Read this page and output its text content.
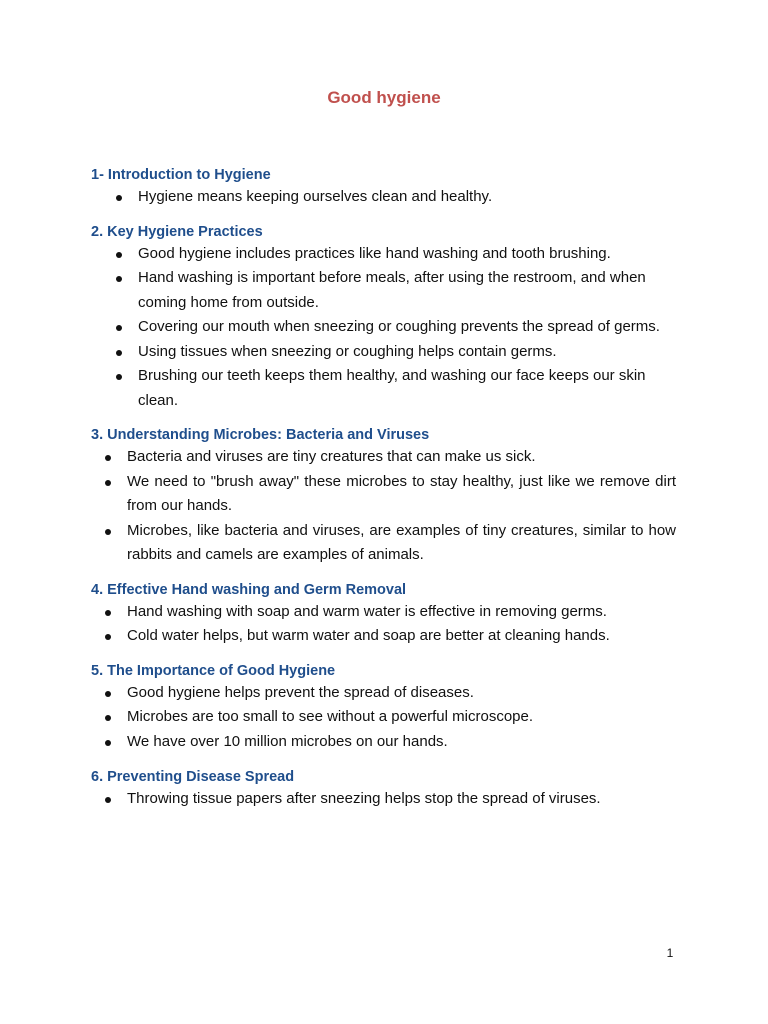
Good hygiene
1- Introduction to Hygiene
Hygiene means keeping ourselves clean and healthy.
2. Key Hygiene Practices
Good hygiene includes practices like hand washing and tooth brushing.
Hand washing is important before meals, after using the restroom, and when coming home from outside.
Covering our mouth when sneezing or coughing prevents the spread of germs.
Using tissues when sneezing or coughing helps contain germs.
Brushing our teeth keeps them healthy, and washing our face keeps our skin clean.
3. Understanding Microbes: Bacteria and Viruses
Bacteria and viruses are tiny creatures that can make us sick.
We need to "brush away" these microbes to stay healthy, just like we remove dirt from our hands.
Microbes, like bacteria and viruses, are examples of tiny creatures, similar to how rabbits and camels are examples of animals.
4. Effective Hand washing and Germ Removal
Hand washing with soap and warm water is effective in removing germs.
Cold water helps, but warm water and soap are better at cleaning hands.
5. The Importance of Good Hygiene
Good hygiene helps prevent the spread of diseases.
Microbes are too small to see without a powerful microscope.
We have over 10 million microbes on our hands.
6. Preventing Disease Spread
Throwing tissue papers after sneezing helps stop the spread of viruses.
1
